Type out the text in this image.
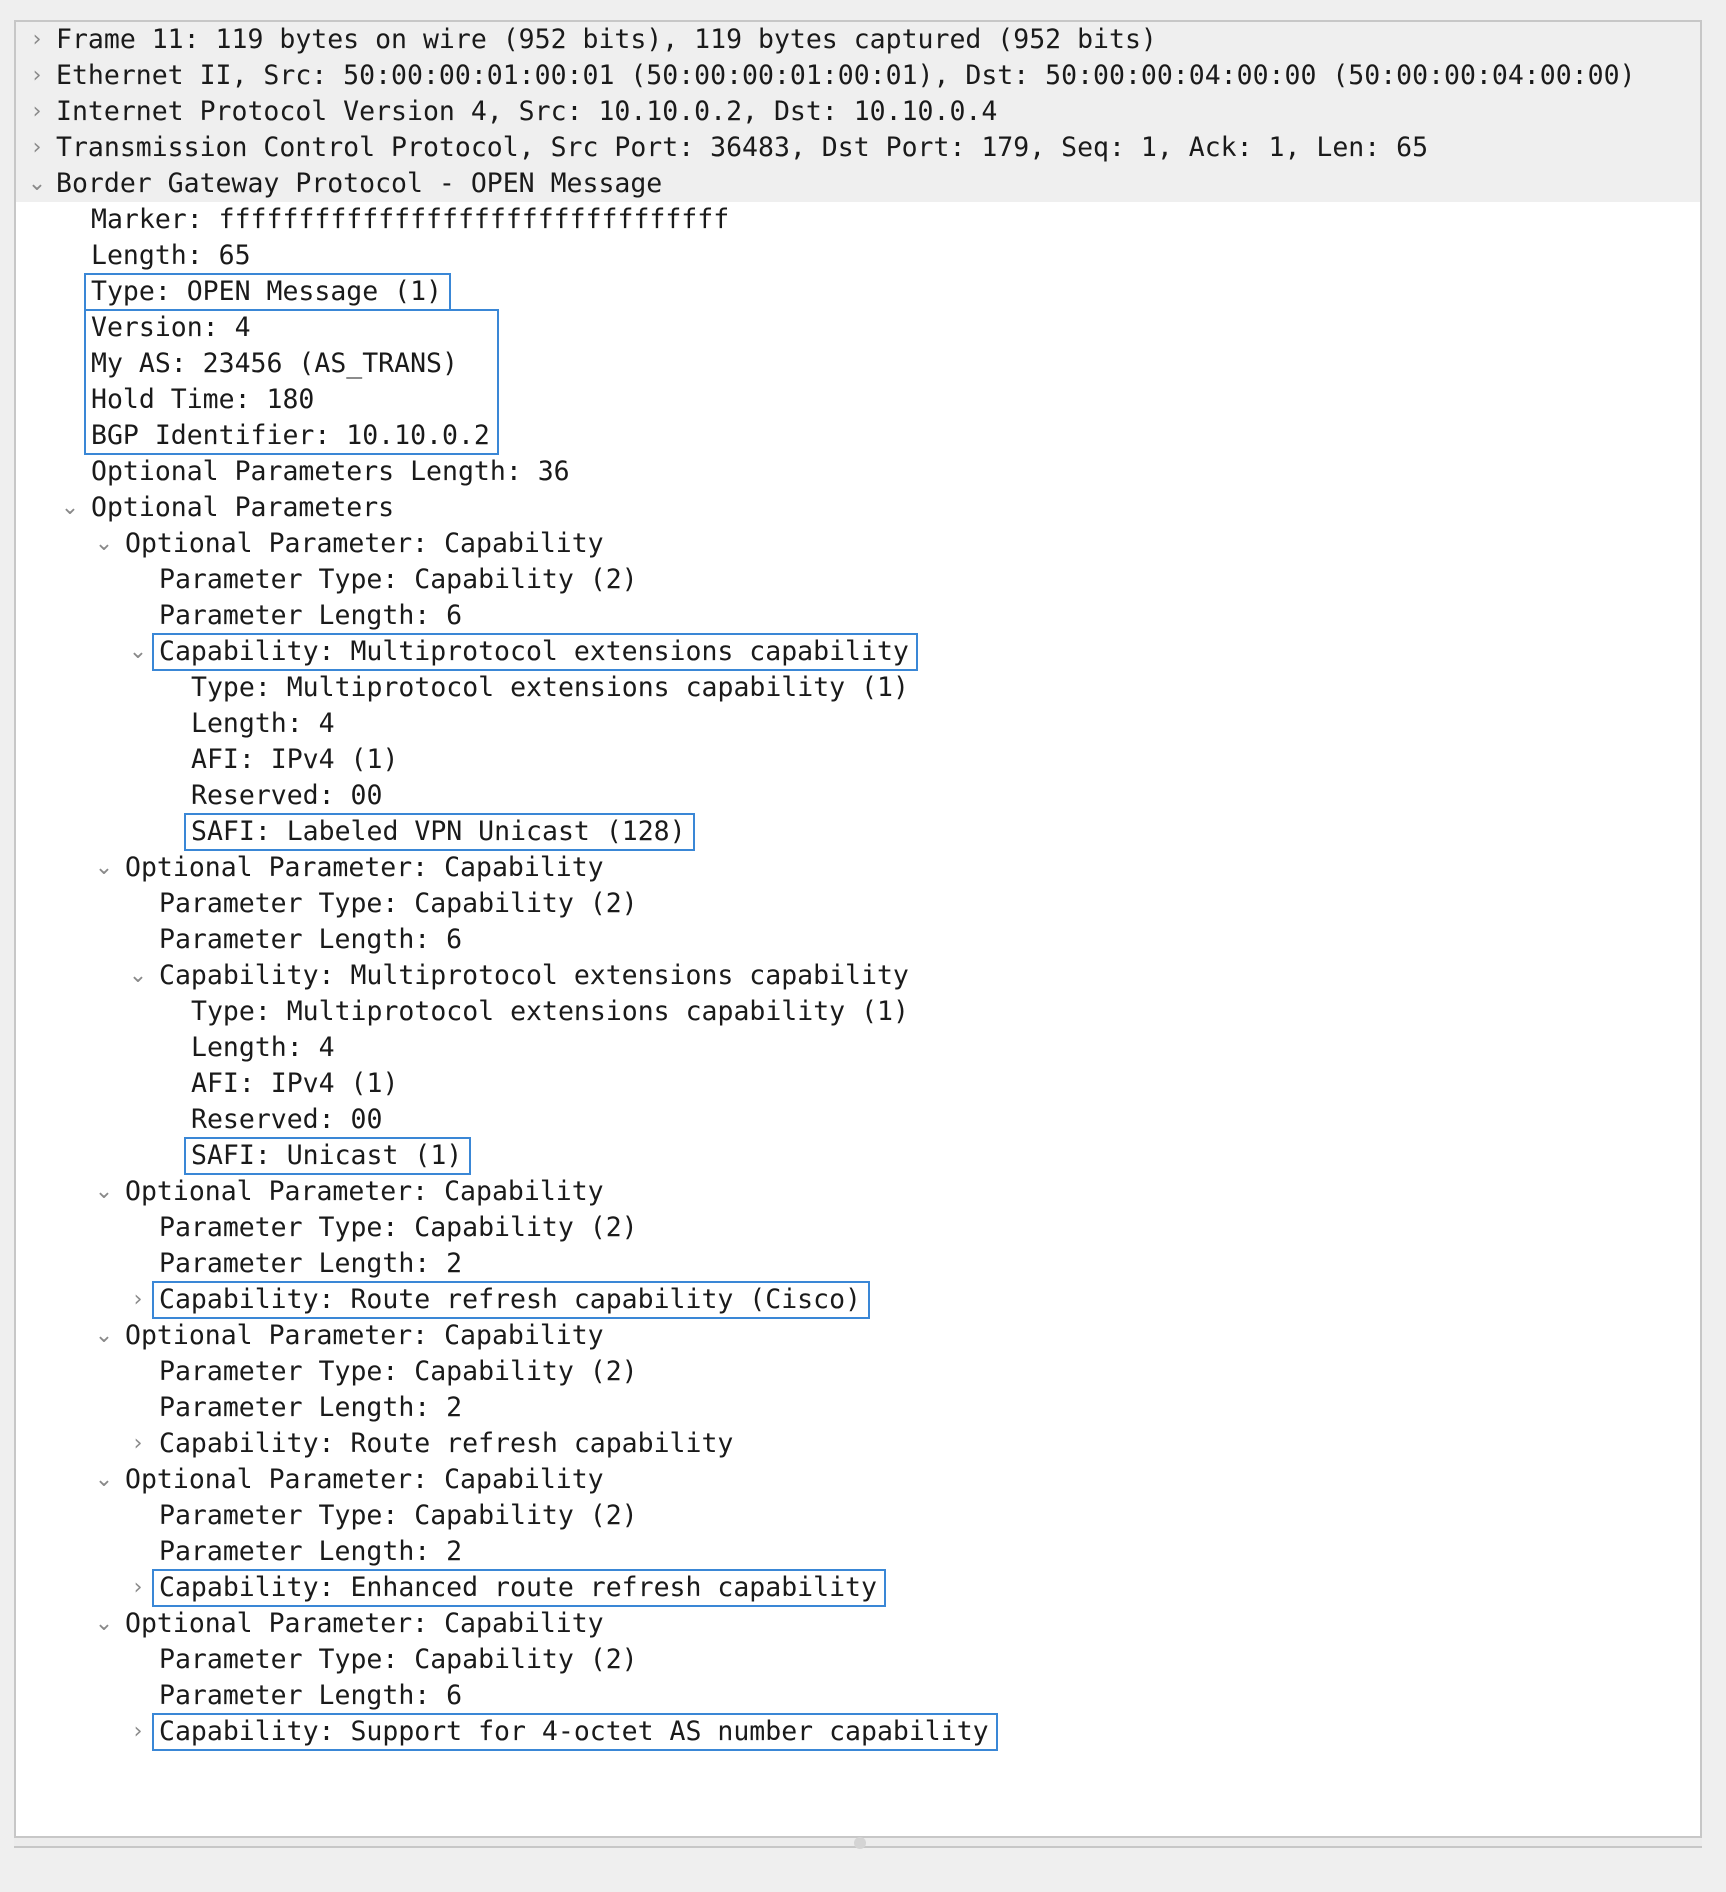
› Frame 11: 119 bytes on wire (952 bits), 119 bytes captured (952 bits)
› Ethernet II, Src: 50:00:00:01:00:01 (50:00:00:01:00:01), Dst: 50:00:00:04:00:00 (50:00:00:04:00:00)
› Internet Protocol Version 4, Src: 10.10.0.2, Dst: 10.10.0.4
› Transmission Control Protocol, Src Port: 36483, Dst Port: 179, Seq: 1, Ack: 1, Len: 65
⌄ Border Gateway Protocol - OPEN Message
Marker: ffffffffffffffffffffffffffffffff
Length: 65
Type: OPEN Message (1)
Version: 4
My AS: 23456 (AS_TRANS)
Hold Time: 180
BGP Identifier: 10.10.0.2
Optional Parameters Length: 36
⌄ Optional Parameters
⌄ Optional Parameter: Capability
Parameter Type: Capability (2)
Parameter Length: 6
⌄ Capability: Multiprotocol extensions capability
Type: Multiprotocol extensions capability (1)
Length: 4
AFI: IPv4 (1)
Reserved: 00
SAFI: Labeled VPN Unicast (128)
⌄ Optional Parameter: Capability
Parameter Type: Capability (2)
Parameter Length: 6
⌄ Capability: Multiprotocol extensions capability
Type: Multiprotocol extensions capability (1)
Length: 4
AFI: IPv4 (1)
Reserved: 00
SAFI: Unicast (1)
⌄ Optional Parameter: Capability
Parameter Type: Capability (2)
Parameter Length: 2
› Capability: Route refresh capability (Cisco)
⌄ Optional Parameter: Capability
Parameter Type: Capability (2)
Parameter Length: 2
› Capability: Route refresh capability
⌄ Optional Parameter: Capability
Parameter Type: Capability (2)
Parameter Length: 2
› Capability: Enhanced route refresh capability
⌄ Optional Parameter: Capability
Parameter Type: Capability (2)
Parameter Length: 6
› Capability: Support for 4-octet AS number capability
